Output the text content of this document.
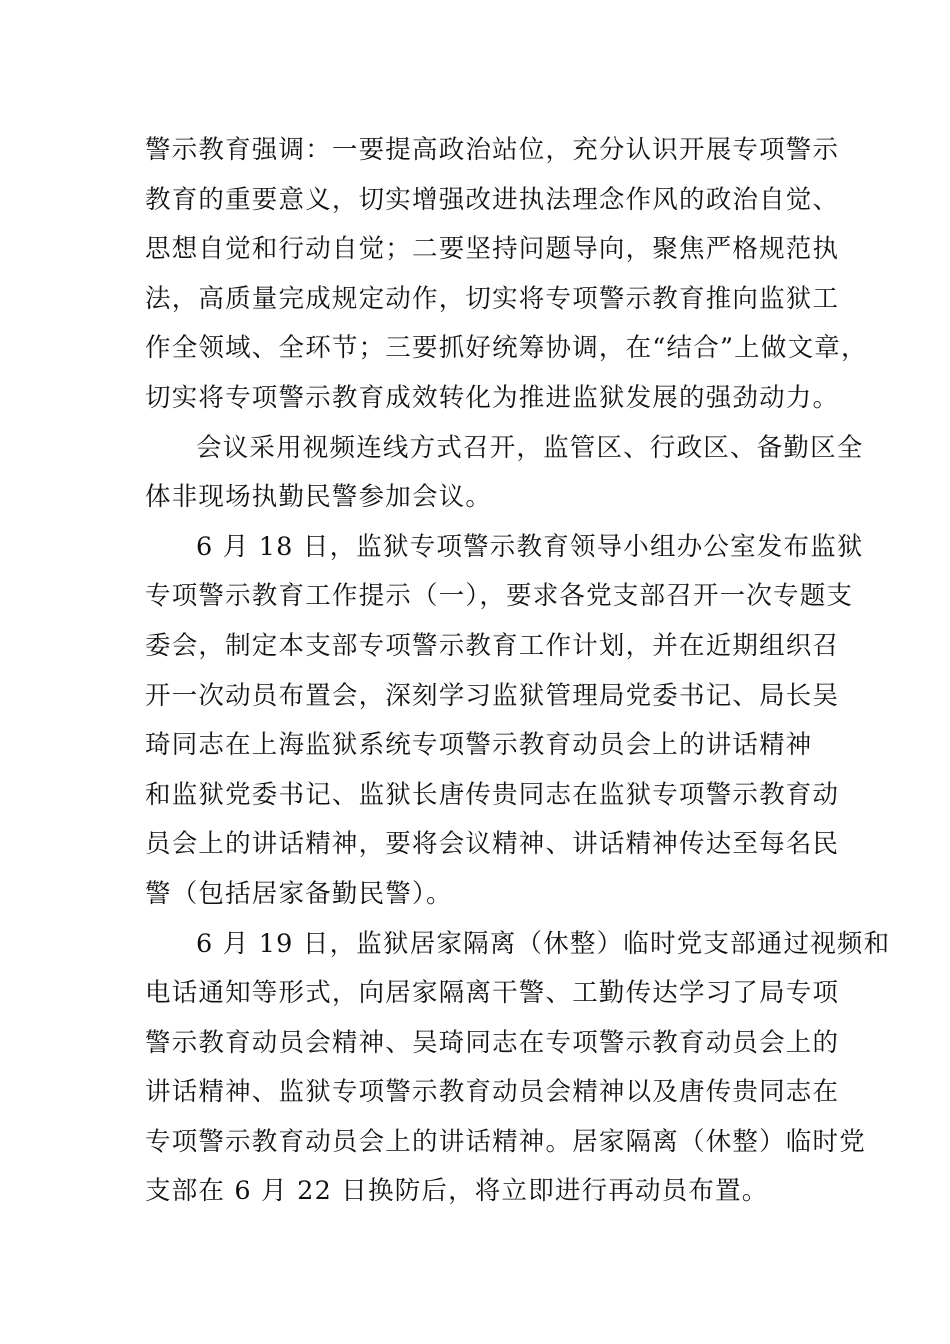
警示教育强调：一要提高政治站位，充分认识开展专项警示
教育的重要意义，切实增强改进执法理念作风的政治自觉、
思想自觉和行动自觉；二要坚持问题导向，聚焦严格规范执
法，高质量完成规定动作，切实将专项警示教育推向监狱工
作全领域、全环节；三要抓好统筹协调，在“结合”上做文章，
切实将专项警示教育成效转化为推进监狱发展的强劲动力。

会议采用视频连线方式召开，监管区、行政区、备勤区全
体非现场执勤民警参加会议。

6 月 18 日，监狱专项警示教育领导小组办公室发布监狱
专项警示教育工作提示（一），要求各党支部召开一次专题支
委会，制定本支部专项警示教育工作计划，并在近期组织召
开一次动员布置会，深刻学习监狱管理局党委书记、局长吴
琦同志在上海监狱系统专项警示教育动员会上的讲话精神
和监狱党委书记、监狱长唐传贵同志在监狱专项警示教育动
员会上的讲话精神，要将会议精神、讲话精神传达至每名民
警（包括居家备勤民警）。

6 月 19 日，监狱居家隔离（休整）临时党支部通过视频和
电话通知等形式，向居家隔离干警、工勤传达学习了局专项
警示教育动员会精神、吴琦同志在专项警示教育动员会上的
讲话精神、监狱专项警示教育动员会精神以及唐传贵同志在
专项警示教育动员会上的讲话精神。居家隔离（休整）临时党
支部在 6 月 22 日换防后，将立即进行再动员布置。
